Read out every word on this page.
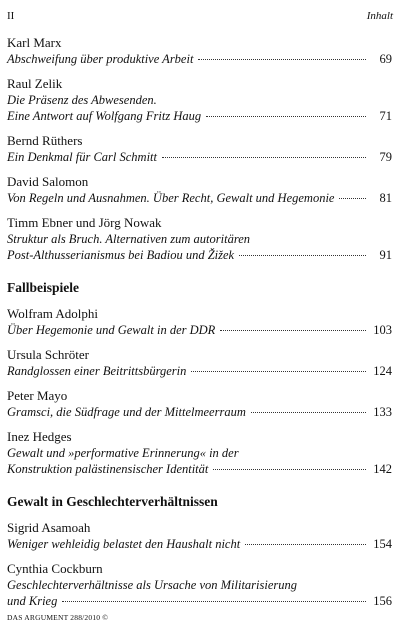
II	Inhalt
Karl Marx
Abschweifung über produktive Arbeit	69
Raul Zelik
Die Präsenz des Abwesenden.
Eine Antwort auf Wolfgang Fritz Haug	71
Bernd Rüthers
Ein Denkmal für Carl Schmitt	79
David Salomon
Von Regeln und Ausnahmen. Über Recht, Gewalt und Hegemonie	81
Timm Ebner und Jörg Nowak
Struktur als Bruch. Alternativen zum autoritären
Post-Althusserianismus bei Badiou und Žižek	91
Fallbeispiele
Wolfram Adolphi
Über Hegemonie und Gewalt in der DDR	103
Ursula Schröter
Randglossen einer Beitrittsbürgerin	124
Peter Mayo
Gramsci, die Südfrage und der Mittelmeerraum	133
Inez Hedges
Gewalt und »performative Erinnerung« in der
Konstruktion palästinensischer Identität	142
Gewalt in Geschlechterverhältnissen
Sigrid Asamoah
Weniger wehleidig belastet den Haushalt nicht	154
Cynthia Cockburn
Geschlechterverhältnisse als Ursache von Militarisierung
und Krieg	156
DAS ARGUMENT 288/2010 ©
